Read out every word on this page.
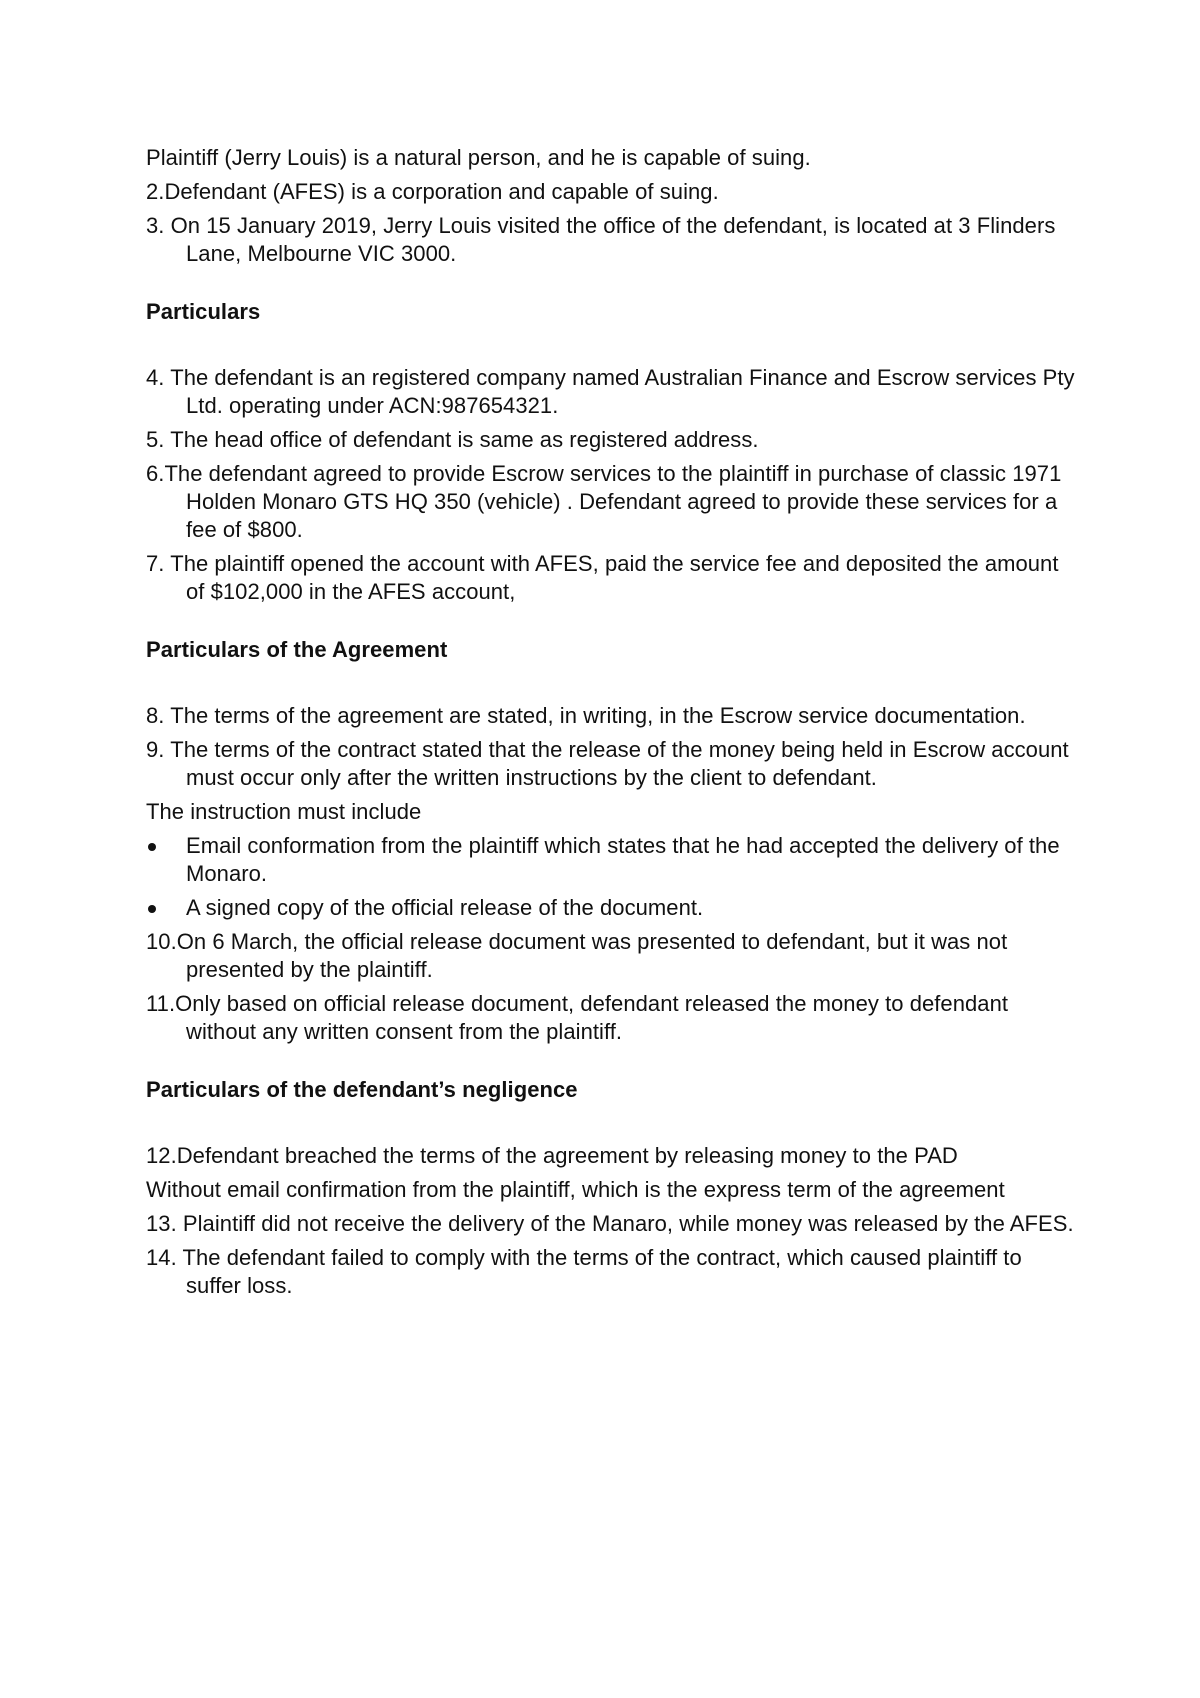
Plaintiff (Jerry Louis) is a natural person, and he is capable of suing.

2.Defendant (AFES) is a corporation and capable of suing.

3. On 15 January 2019, Jerry Louis visited the office of the defendant, is located at 3 Flinders Lane, Melbourne VIC 3000.

Particulars

4. The defendant is an registered company named Australian Finance and Escrow services Pty Ltd. operating under ACN:987654321.

5. The head office of defendant is same as registered address.

6.The defendant agreed to provide Escrow services to the plaintiff in purchase of classic 1971 Holden Monaro GTS HQ 350 (vehicle) . Defendant agreed to provide these services for a fee of $800.

7. The plaintiff opened the account with AFES, paid the service fee and deposited the amount of $102,000 in the AFES account,

Particulars of the Agreement

8. The terms of the agreement are stated, in writing, in the Escrow service documentation.

9. The terms of the contract stated that the release of the money being held in Escrow account must occur only after the written instructions by the client to defendant.

The instruction must include

Email conformation from the plaintiff which states that he had accepted the delivery of the Monaro.
A signed copy of the official release of the document.

10.On 6 March, the official release document was presented to defendant, but it was not presented by the plaintiff.

11.Only based on official release document, defendant released the money to defendant without any written consent from the plaintiff.

Particulars of the defendant’s negligence

12.Defendant breached the terms of the agreement by releasing money to the PAD

Without email confirmation from the plaintiff, which is the express term of the agreement

13. Plaintiff did not receive the delivery of the Manaro, while money was released by the AFES.

14. The defendant failed to comply with the terms of the contract, which caused plaintiff to suffer loss.
